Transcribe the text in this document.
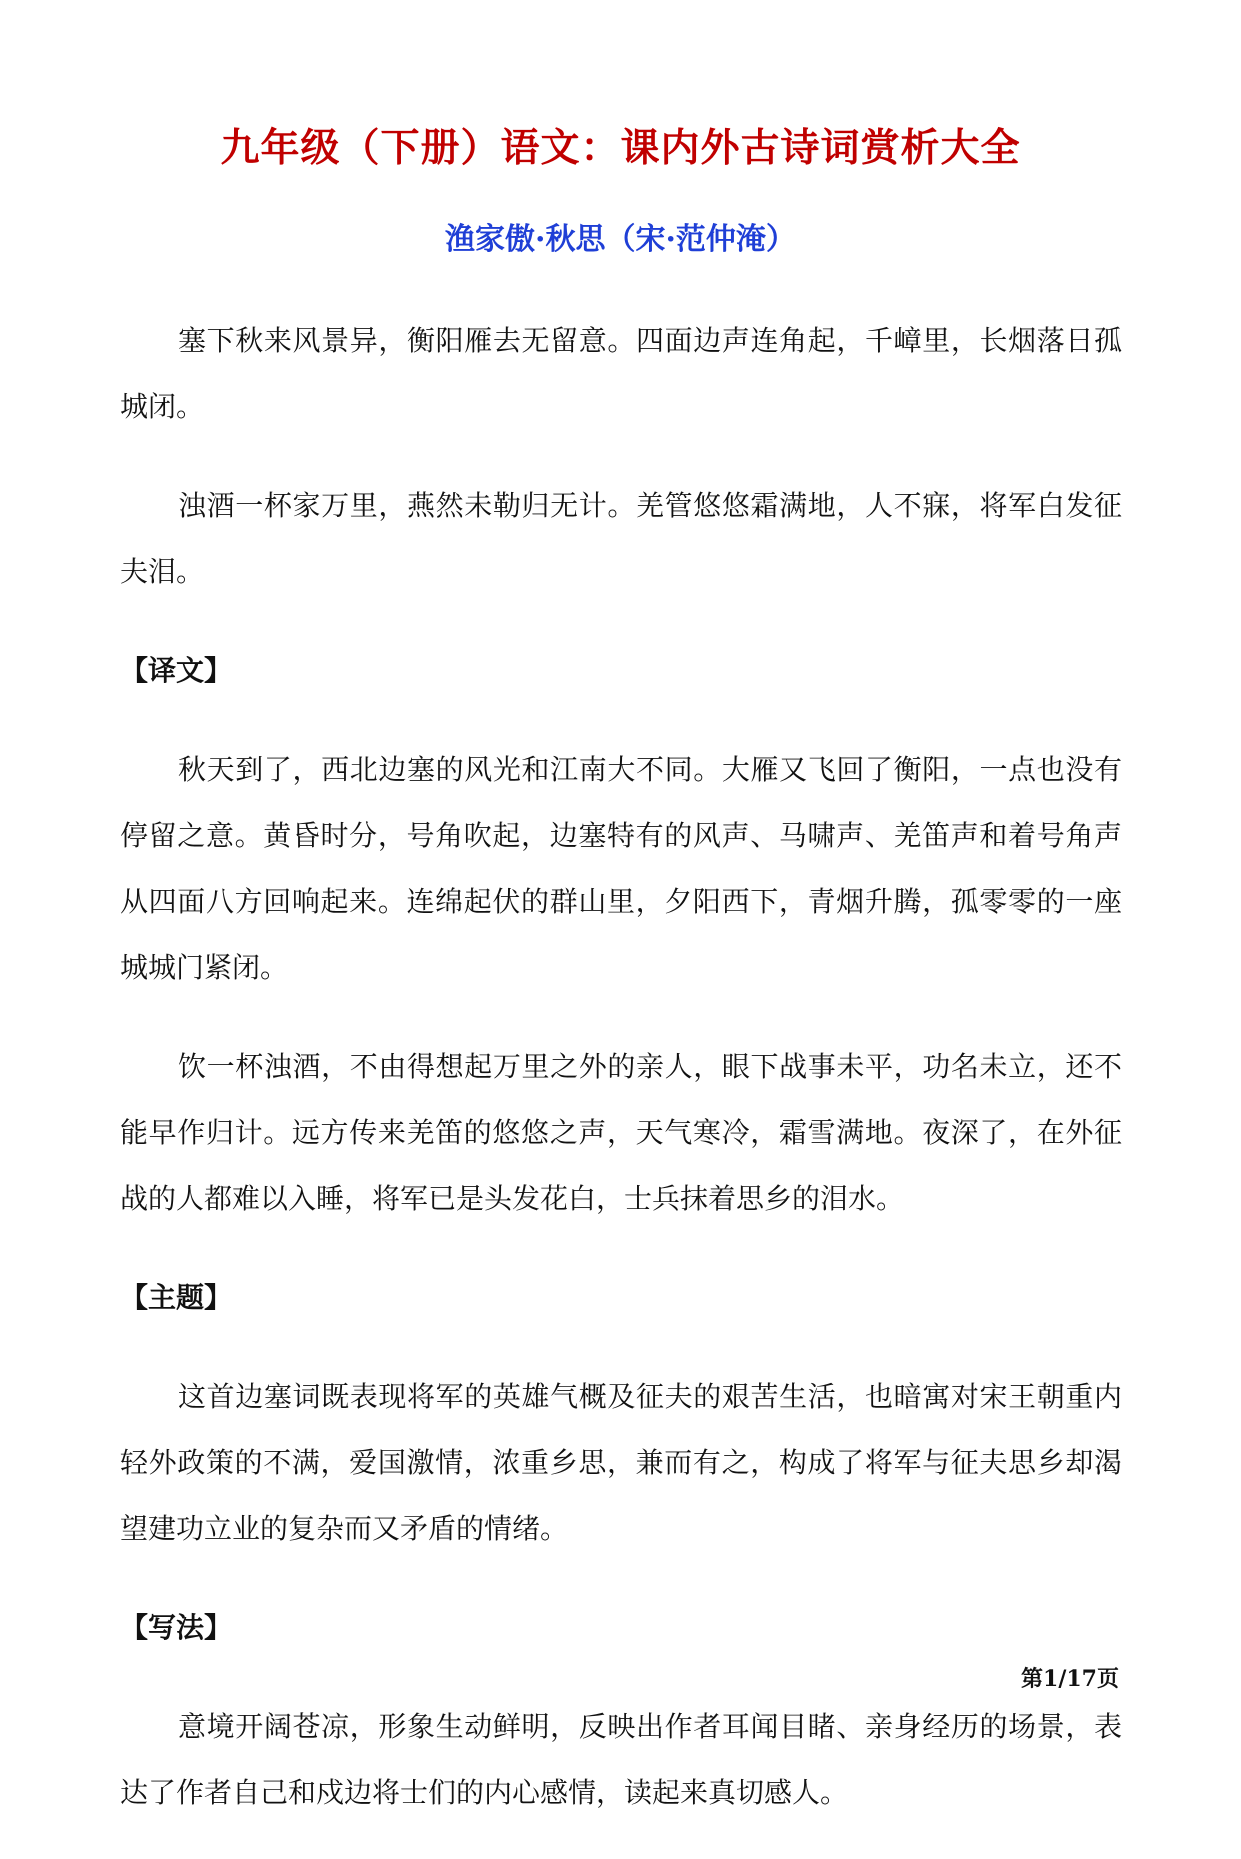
九年级（下册）语文：课内外古诗词赏析大全
渔家傲·秋思（宋·范仲淹）

塞下秋来风景异，衡阳雁去无留意。四面边声连角起，千嶂里，长烟落日孤城闭。

浊酒一杯家万里，燕然未勒归无计。羌管悠悠霜满地，人不寐，将军白发征夫泪。

【译文】

秋天到了，西北边塞的风光和江南大不同。大雁又飞回了衡阳，一点也没有停留之意。黄昏时分，号角吹起，边塞特有的风声、马啸声、羌笛声和着号角声从四面八方回响起来。连绵起伏的群山里，夕阳西下，青烟升腾，孤零零的一座城城门紧闭。

饮一杯浊酒，不由得想起万里之外的亲人，眼下战事未平，功名未立，还不能早作归计。远方传来羌笛的悠悠之声，天气寒冷，霜雪满地。夜深了，在外征战的人都难以入睡，将军已是头发花白，士兵抹着思乡的泪水。

【主题】

这首边塞词既表现将军的英雄气概及征夫的艰苦生活，也暗寓对宋王朝重内轻外政策的不满，爱国激情，浓重乡思，兼而有之，构成了将军与征夫思乡却渴望建功立业的复杂而又矛盾的情绪。

【写法】

意境开阔苍凉，形象生动鲜明，反映出作者耳闻目睹、亲身经历的场景，表达了作者自己和戍边将士们的内心感情，读起来真切感人。

第1/17页
